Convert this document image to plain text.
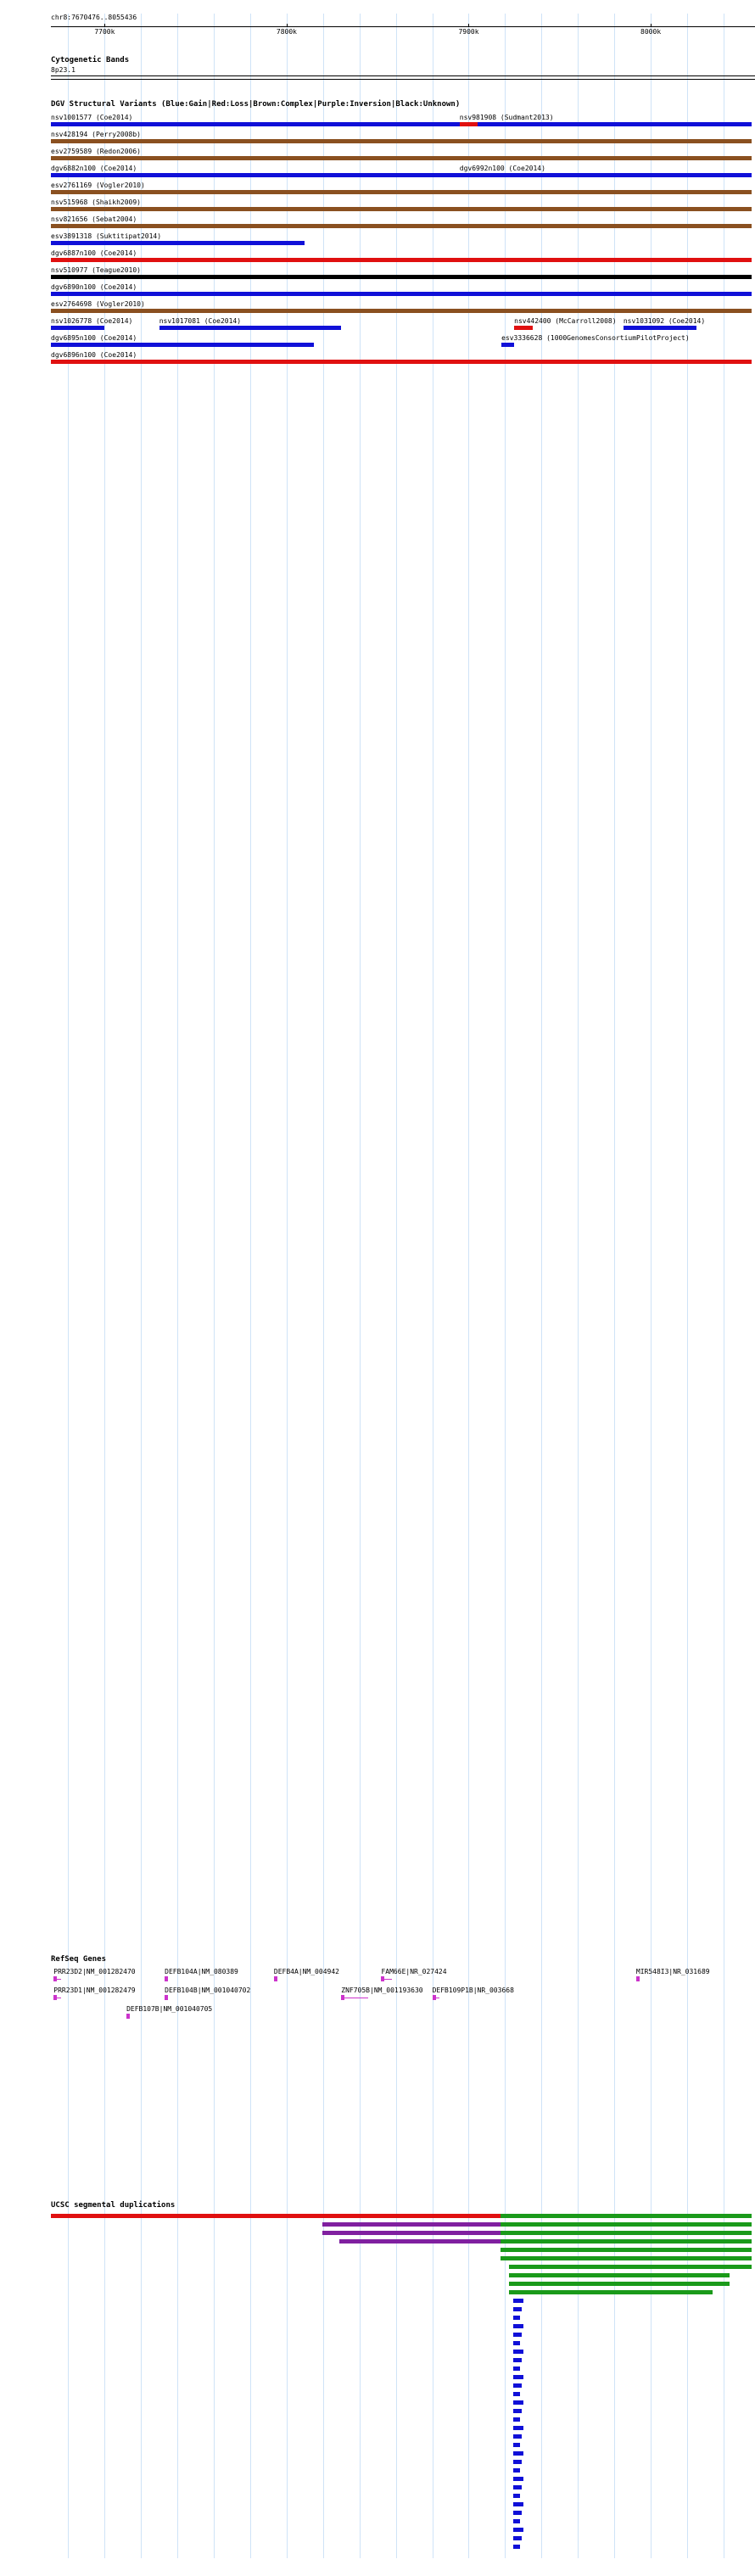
chr8:7670476..8055436
7700k	7800k	7900k	8000k
Cytogenetic Bands
8p23.1
DGV Structural Variants (Blue:Gain|Red:Loss|Brown:Complex|Purple:Inversion|Black:Unknown)
nsv1001577 (Coe2014)	nsv981908 (Sudmant2013)
nsv428194 (Perry2008b)
esv2759589 (Redon2006)
dgv6882n100 (Coe2014)	dgv6992n100 (Coe2014)
esv2761169 (Vogler2010)
nsv515968 (Shaikh2009)
nsv821656 (Sebat2004)
esv3891318 (Suktitipat2014)
dgv6887n100 (Coe2014)
nsv510977 (Teague2010)
dgv6890n100 (Coe2014)
esv2764698 (Vogler2010)
nsv1026778 (Coe2014)	nsv1017081 (Coe2014)	nsv442400 (McCarroll2008) nsv1031092 (Coe2014)
dgv6895n100 (Coe2014)	esv3336628 (1000GenomesConsortiumPilotProject)
dgv6896n100 (Coe2014)
RefSeq Genes
PRR23D2|NM_001282470	DEFB104A|NM_080389	DEFB4A|NM_004942	FAM66E|NR_027424	MIR548I3|NR_031689
PRR23D1|NM_001282479	DEFB104B|NM_001040702	ZNF705B|NM_001193630 DEFB109P1B|NR_003668
DEFB107B|NM_001040705
UCSC segmental duplications
